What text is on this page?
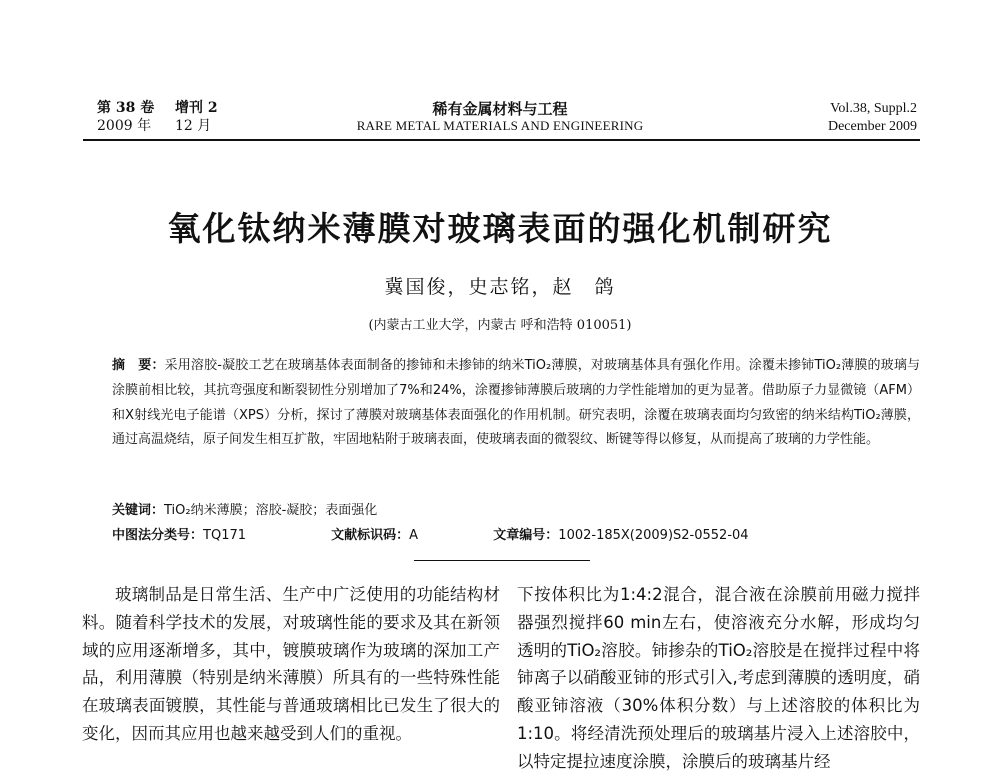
第 38 卷 增刊 2
2009 年 12 月
稀有金属材料与工程
RARE METAL MATERIALS AND ENGINEERING
Vol.38, Suppl.2
December 2009
氧化钛纳米薄膜对玻璃表面的强化机制研究
冀国俊，史志铭，赵　鸽
(内蒙古工业大学，内蒙古 呼和浩特 010051)
摘　要：采用溶胶-凝胶工艺在玻璃基体表面制备的掺铈和未掺铈的纳米TiO₂薄膜，对玻璃基体具有强化作用。涂覆未掺铈TiO₂薄膜的玻璃与涂膜前相比较，其抗弯强度和断裂韧性分别增加了7%和24%，涂覆掺铈薄膜后玻璃的力学性能增加的更为显著。借助原子力显微镜（AFM）和X射线光电子能谱（XPS）分析，探讨了薄膜对玻璃基体表面强化的作用机制。研究表明，涂覆在玻璃表面均匀致密的纳米结构TiO₂薄膜，通过高温烧结，原子间发生相互扩散，牢固地粘附于玻璃表面，使玻璃表面的微裂纹、断键等得以修复，从而提高了玻璃的力学性能。
关键词：TiO₂纳米薄膜；溶胶-凝胶；表面强化
中图法分类号：TQ171	文献标识码：A	文章编号：1002-185X(2009)S2-0552-04

玻璃制品是日常生活、生产中广泛使用的功能结构材料。随着科学技术的发展，对玻璃性能的要求及其在新领域的应用逐渐增多，其中，镀膜玻璃作为玻璃的深加工产品，利用薄膜（特别是纳米薄膜）所具有的一些特殊性能在玻璃表面镀膜，其性能与普通玻璃相比已发生了很大的变化，因而其应用也越来越受到人们的重视。

下按体积比为1:4:2混合，混合液在涂膜前用磁力搅拌器强烈搅拌60 min左右，使溶液充分水解，形成均匀透明的TiO₂溶胶。铈掺杂的TiO₂溶胶是在搅拌过程中将铈离子以硝酸亚铈的形式引入,考虑到薄膜的透明度，硝酸亚铈溶液（30%体积分数）与上述溶胶的体积比为1:10。将经清洗预处理后的玻璃基片浸入上述溶胶中，以特定提拉速度涂膜，涂膜后的玻璃基片经
